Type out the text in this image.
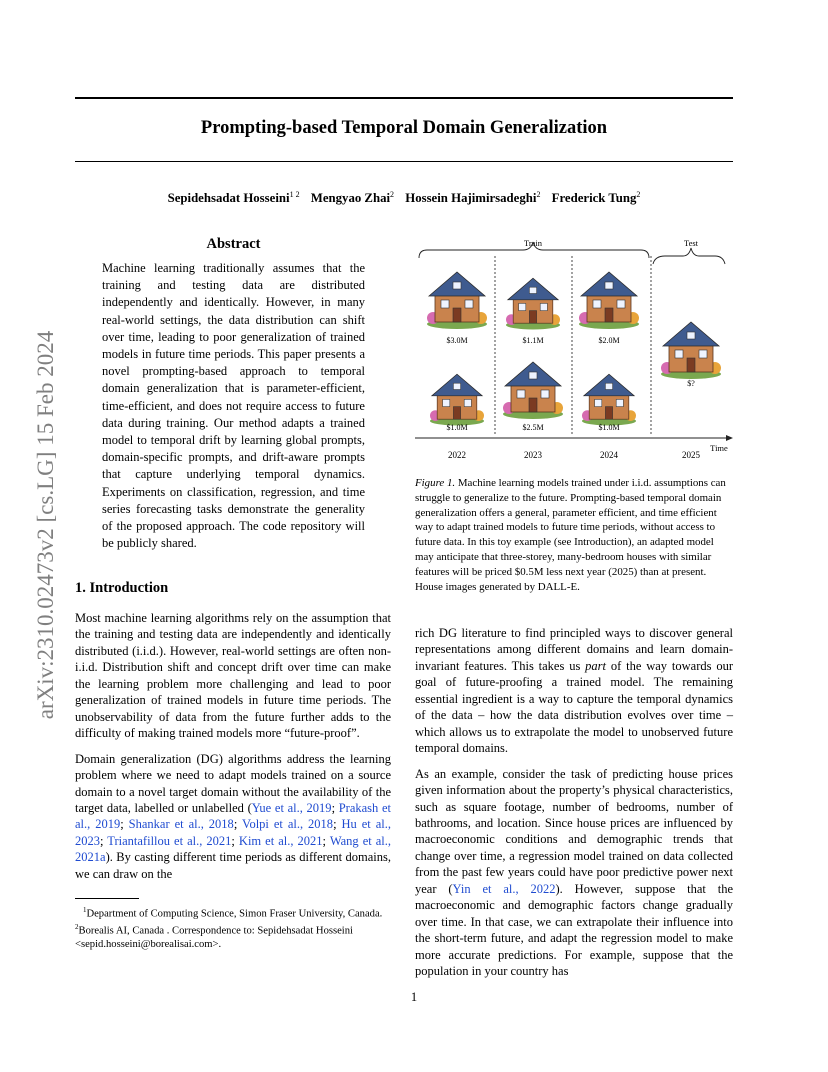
Prompting-based Temporal Domain Generalization
Sepidehsadat Hosseini$^{1 2}$ Mengyao Zhai$^2$ Hossein Hajimirsadeghi$^2$ Frederick Tung$^2$
arXiv:2310.02473v2 [cs.LG] 15 Feb 2024
Abstract
Machine learning traditionally assumes that the training and testing data are distributed independently and identically. However, in many real-world settings, the data distribution can shift over time, leading to poor generalization of trained models in future time periods. This paper presents a novel prompting-based approach to temporal domain generalization that is parameter-efficient, time-efficient, and does not require access to future data during training. Our method adapts a trained model to temporal drift by learning global prompts, domain-specific prompts, and drift-aware prompts that capture underlying temporal dynamics. Experiments on classification, regression, and time series forecasting tasks demonstrate the generality of the proposed approach. The code repository will be publicly shared.
1. Introduction

Most machine learning algorithms rely on the assumption that the training and testing data are independently and identically distributed (i.i.d.). However, real-world settings are often non-i.i.d. Distribution shift and concept drift over time can make the learning problem more challenging and lead to poor generalization of trained models in future time periods. The unobservability of data from the future further adds to the difficulty of making trained models more “future-proof”.

Domain generalization (DG) algorithms address the learning problem where we need to adapt models trained on a source domain to a novel target domain without the availability of the target data, labelled or unlabelled (Yue et al., 2019; Prakash et al., 2019; Shankar et al., 2018; Volpi et al., 2018; Hu et al., 2023; Triantafillou et al., 2021; Kim et al., 2021; Wang et al., 2021a). By casting different time periods as different domains, we can draw on the

$^1$Department of Computing Science, Simon Fraser University, Canada. $^2$Borealis AI, Canada . Correspondence to: Sepidehsadat Hosseini <sepid.hosseini@borealisai.com>.

rich DG literature to find principled ways to discover general representations among different domains and learn domain-invariant features. This takes us part of the way towards our goal of future-proofing a trained model. The remaining essential ingredient is a way to capture the temporal dynamics of the data – how the data distribution evolves over time – which allows us to extrapolate the model to unobserved future temporal domains.

As an example, consider the task of predicting house prices given information about the property’s physical characteristics, such as square footage, number of bedrooms, number of bathrooms, and location. Since house prices are influenced by macroeconomic conditions and demographic trends that change over time, a regression model trained on data collected from the past few years could have poor predictive power next year (Yin et al., 2022). However, suppose that the macroeconomic and demographic factors change gradually over time. In that case, we can extrapolate their influence into the short-term future, and adapt the regression model to make more accurate predictions. For example, suppose that the population in your country has

Train	Test
$3.0M	$1.1M	$2.0M
$1.0M	$2.5M	$1.0M
$?
Time
2022	2023	2024	2025
Figure 1. Machine learning models trained under i.i.d. assumptions can struggle to generalize to the future. Prompting-based temporal domain generalization offers a general, parameter efficient, and time efficient way to adapt trained models to future time periods, without access to future data. In this toy example (see Introduction), an adapted model may anticipate that three-storey, many-bedroom houses with similar features will be priced $0.5M less next year (2025) than at present. House images generated by DALL-E.
1
